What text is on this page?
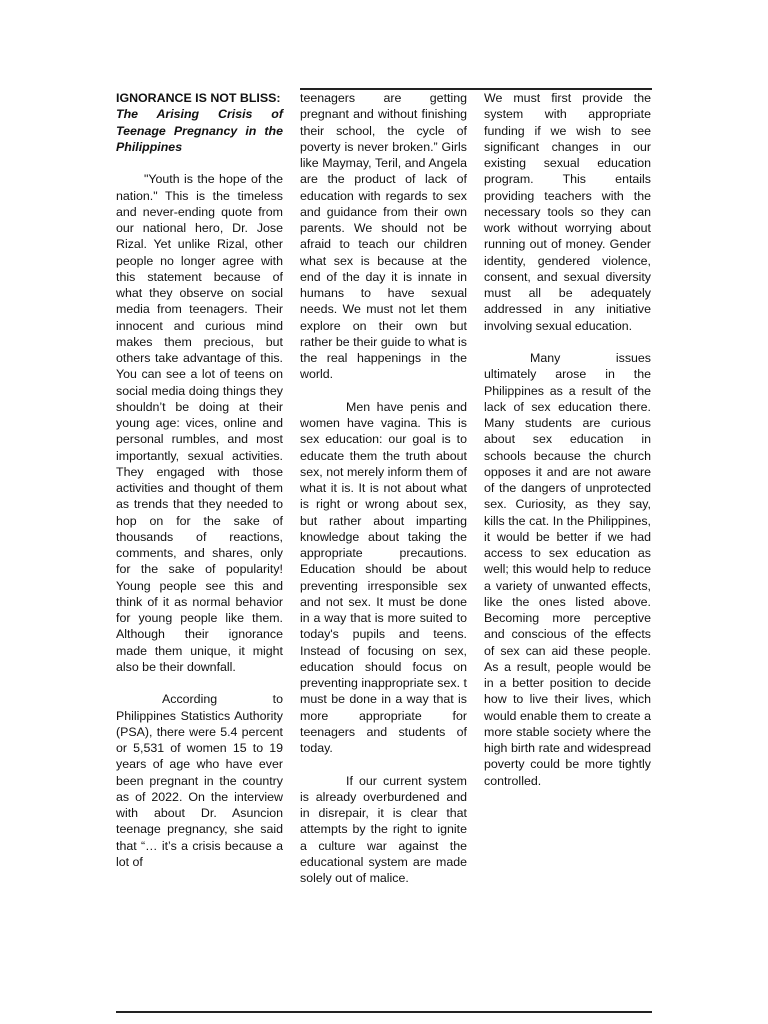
IGNORANCE IS NOT BLISS:
The Arising Crisis of Teenage Pregnancy in the Philippines

"Youth is the hope of the nation." This is the timeless and never-ending quote from our national hero, Dr. Jose Rizal. Yet unlike Rizal, other people no longer agree with this statement because of what they observe on social media from teenagers. Their innocent and curious mind makes them precious, but others take advantage of this. You can see a lot of teens on social media doing things they shouldn’t be doing at their young age: vices, online and personal rumbles, and most importantly, sexual activities. They engaged with those activities and thought of them as trends that they needed to hop on for the sake of thousands of reactions, comments, and shares, only for the sake of popularity! Young people see this and think of it as normal behavior for young people like them. Although their ignorance made them unique, it might also be their downfall.

According to Philippines Statistics Authority (PSA), there were 5.4 percent or 5,531 of women 15 to 19 years of age who have ever been pregnant in the country as of 2022. On the interview with about Dr. Asuncion teenage pregnancy, she said that “… it’s a crisis because a lot of

teenagers are getting pregnant and without finishing their school, the cycle of poverty is never broken.” Girls like Maymay, Teril, and Angela are the product of lack of education with regards to sex and guidance from their own parents. We should not be afraid to teach our children what sex is because at the end of the day it is innate in humans to have sexual needs. We must not let them explore on their own but rather be their guide to what is the real happenings in the world.

Men have penis and women have vagina. This is sex education: our goal is to educate them the truth about sex, not merely inform them of what it is. It is not about what is right or wrong about sex, but rather about imparting knowledge about taking the appropriate precautions. Education should be about preventing irresponsible sex and not sex. It must be done in a way that is more suited to today's pupils and teens. Instead of focusing on sex, education should focus on preventing inappropriate sex. t must be done in a way that is more appropriate for teenagers and students of today.

If our current system is already overburdened and in disrepair, it is clear that attempts by the right to ignite a culture war against the educational system are made solely out of malice.

We must first provide the system with appropriate funding if we wish to see significant changes in our existing sexual education program. This entails providing teachers with the necessary tools so they can work without worrying about running out of money. Gender identity, gendered violence, consent, and sexual diversity must all be adequately addressed in any initiative involving sexual education.

Many issues ultimately arose in the Philippines as a result of the lack of sex education there. Many students are curious about sex education in schools because the church opposes it and are not aware of the dangers of unprotected sex. Curiosity, as they say, kills the cat. In the Philippines, it would be better if we had access to sex education as well; this would help to reduce a variety of unwanted effects, like the ones listed above. Becoming more perceptive and conscious of the effects of sex can aid these people. As a result, people would be in a better position to decide how to live their lives, which would enable them to create a more stable society where the high birth rate and widespread poverty could be more tightly controlled.
